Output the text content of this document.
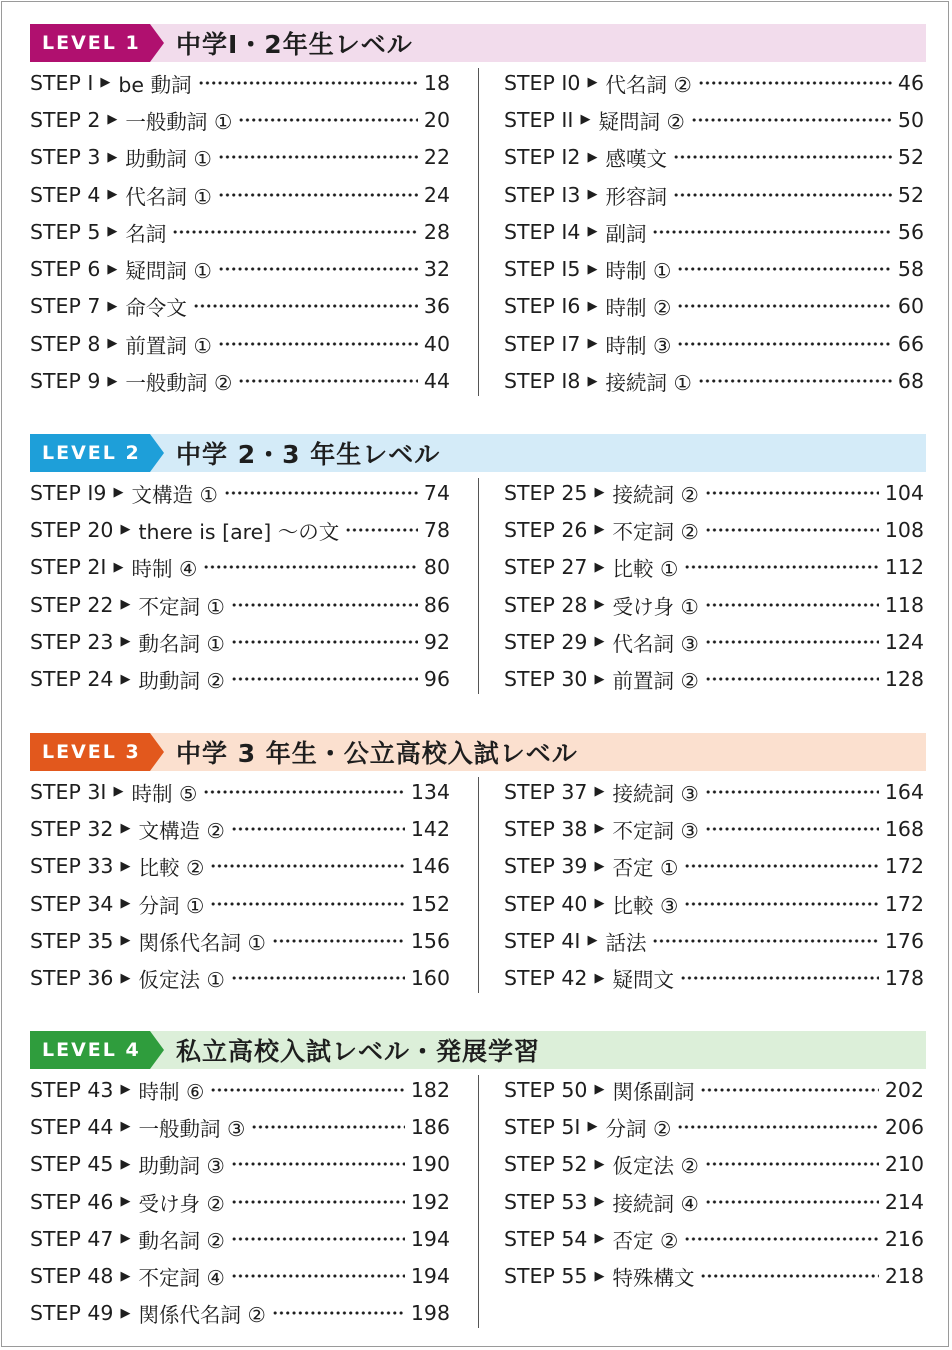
LEVEL 1	中学Ⅰ・2年生レベル
STEP Ⅰ ▶ be 動詞	18
STEP 2 ▶ 一般動詞 ①	20
STEP 3 ▶ 助動詞 ①	22
STEP 4 ▶ 代名詞 ①	24
STEP 5 ▶ 名詞	28
STEP 6 ▶ 疑問詞 ①	32
STEP 7 ▶ 命令文	36
STEP 8 ▶ 前置詞 ①	40
STEP 9 ▶ 一般動詞 ②	44
STEP Ⅰ0 ▶ 代名詞 ②	46
STEP ⅠⅠ ▶ 疑問詞 ②	50
STEP Ⅰ2 ▶ 感嘆文	52
STEP Ⅰ3 ▶ 形容詞	52
STEP Ⅰ4 ▶ 副詞	56
STEP Ⅰ5 ▶ 時制 ①	58
STEP Ⅰ6 ▶ 時制 ②	60
STEP Ⅰ7 ▶ 時制 ③	66
STEP Ⅰ8 ▶ 接続詞 ①	68
LEVEL 2	中学 2・3 年生レベル
STEP Ⅰ9 ▶ 文構造 ①	74
STEP 20 ▶ there is [are] ～の文	78
STEP 2Ⅰ ▶ 時制 ④	80
STEP 22 ▶ 不定詞 ①	86
STEP 23 ▶ 動名詞 ①	92
STEP 24 ▶ 助動詞 ②	96
STEP 25 ▶ 接続詞 ②	104
STEP 26 ▶ 不定詞 ②	108
STEP 27 ▶ 比較 ①	112
STEP 28 ▶ 受け身 ①	118
STEP 29 ▶ 代名詞 ③	124
STEP 30 ▶ 前置詞 ②	128
LEVEL 3	中学 3 年生・公立高校入試レベル
STEP 3Ⅰ ▶ 時制 ⑤	134
STEP 32 ▶ 文構造 ②	142
STEP 33 ▶ 比較 ②	146
STEP 34 ▶ 分詞 ①	152
STEP 35 ▶ 関係代名詞 ①	156
STEP 36 ▶ 仮定法 ①	160
STEP 37 ▶ 接続詞 ③	164
STEP 38 ▶ 不定詞 ③	168
STEP 39 ▶ 否定 ①	172
STEP 40 ▶ 比較 ③	172
STEP 4Ⅰ ▶ 話法	176
STEP 42 ▶ 疑問文	178
LEVEL 4	私立高校入試レベル・発展学習
STEP 43 ▶ 時制 ⑥	182
STEP 44 ▶ 一般動詞 ③	186
STEP 45 ▶ 助動詞 ③	190
STEP 46 ▶ 受け身 ②	192
STEP 47 ▶ 動名詞 ②	194
STEP 48 ▶ 不定詞 ④	194
STEP 49 ▶ 関係代名詞 ②	198
STEP 50 ▶ 関係副詞	202
STEP 5Ⅰ ▶ 分詞 ②	206
STEP 52 ▶ 仮定法 ②	210
STEP 53 ▶ 接続詞 ④	214
STEP 54 ▶ 否定 ②	216
STEP 55 ▶ 特殊構文	218
